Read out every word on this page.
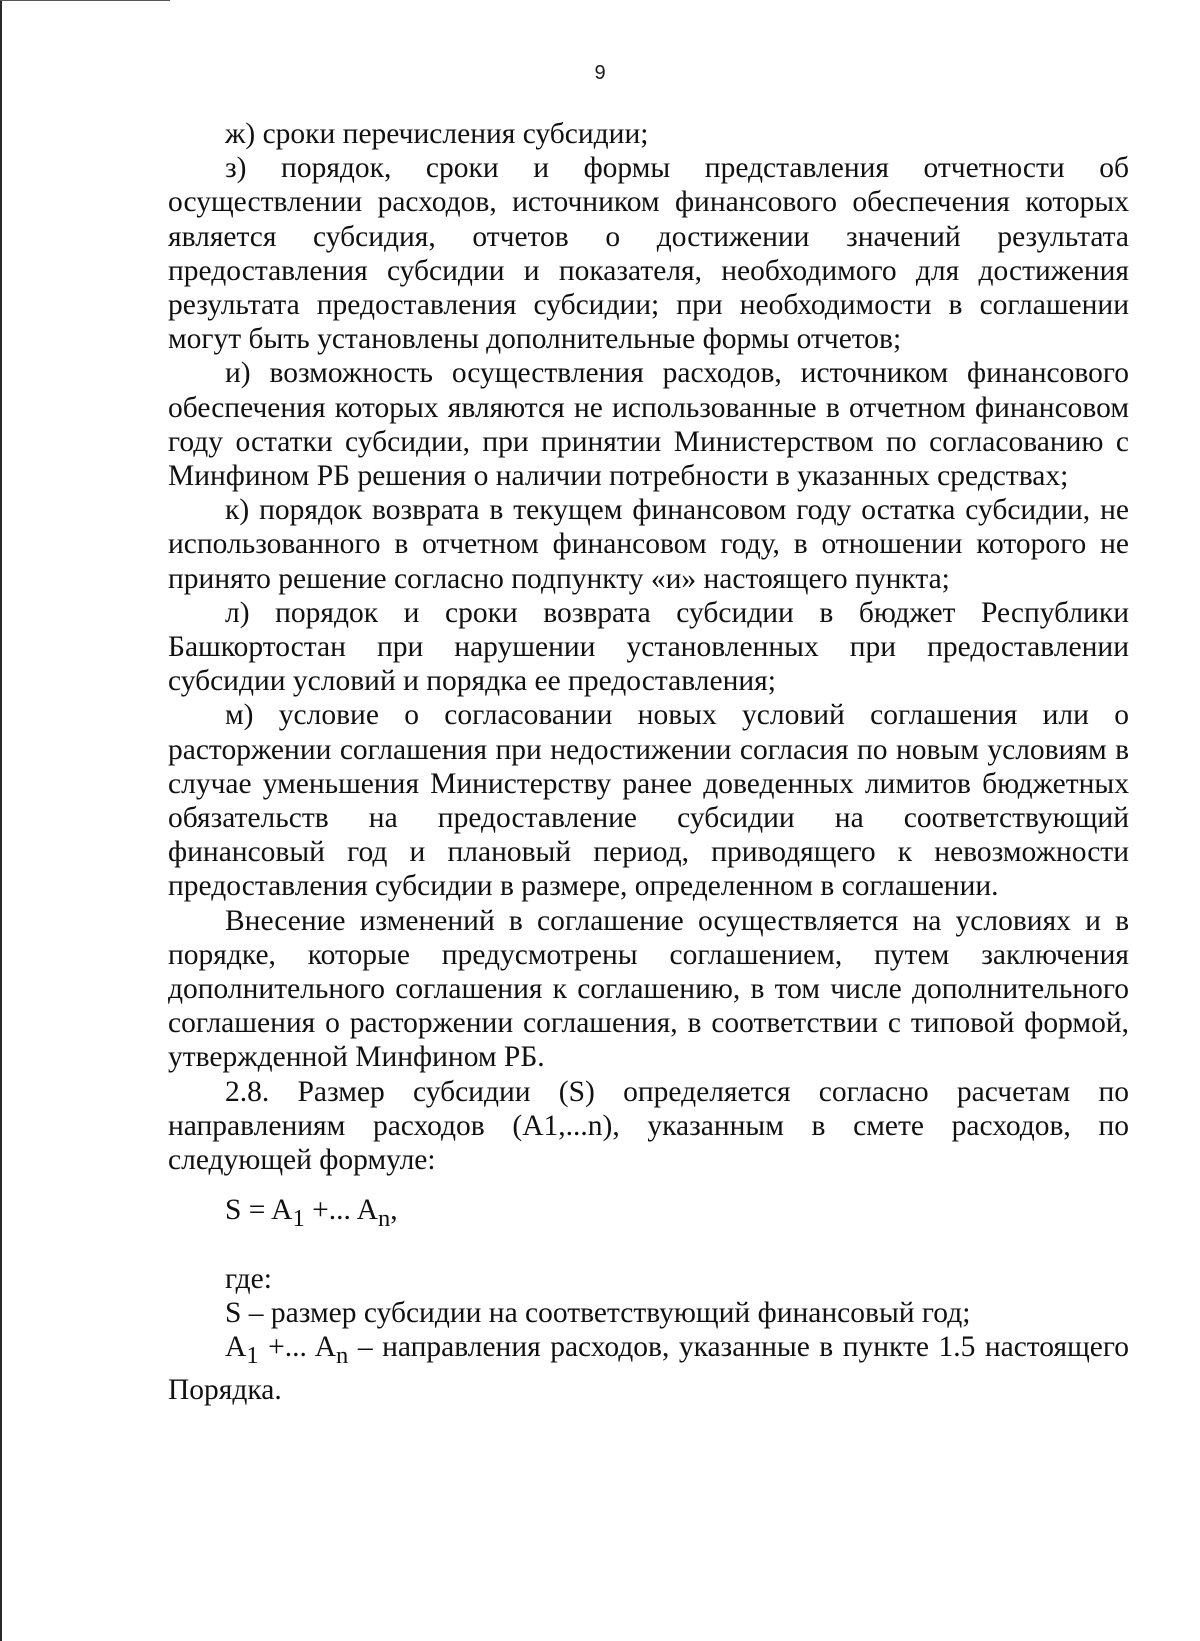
9

ж) сроки перечисления субсидии;

з) порядок, сроки и формы представления отчетности об осуществлении расходов, источником финансового обеспечения которых является субсидия, отчетов о достижении значений результата предоставления субсидии и показателя, необходимого для достижения результата предоставления субсидии; при необходимости в соглашении могут быть установлены дополнительные формы отчетов;

и) возможность осуществления расходов, источником финансового обеспечения которых являются не использованные в отчетном финансовом году остатки субсидии, при принятии Министерством по согласованию с Минфином РБ решения о наличии потребности в указанных средствах;

к) порядок возврата в текущем финансовом году остатка субсидии, не использованного в отчетном финансовом году, в отношении которого не принято решение согласно подпункту «и» настоящего пункта;

л) порядок и сроки возврата субсидии в бюджет Республики Башкортостан при нарушении установленных при предоставлении субсидии условий и порядка ее предоставления;

м) условие о согласовании новых условий соглашения или о расторжении соглашения при недостижении согласия по новым условиям в случае уменьшения Министерству ранее доведенных лимитов бюджетных обязательств на предоставление субсидии на соответствующий финансовый год и плановый период, приводящего к невозможности предоставления субсидии в размере, определенном в соглашении.

Внесение изменений в соглашение осуществляется на условиях и в порядке, которые предусмотрены соглашением, путем заключения дополнительного соглашения к соглашению, в том числе дополнительного соглашения о расторжении соглашения, в соответствии с типовой формой, утвержденной Минфином РБ.

2.8. Размер субсидии (S) определяется согласно расчетам по направлениям расходов (A1,...n), указанным в смете расходов, по следующей формуле:

$S = A_1$ +... $A_n$,

где:

S – размер субсидии на соответствующий финансовый год;

$A_1$ +... $A_n$ – направления расходов, указанные в пункте 1.5 настоящего Порядка.
